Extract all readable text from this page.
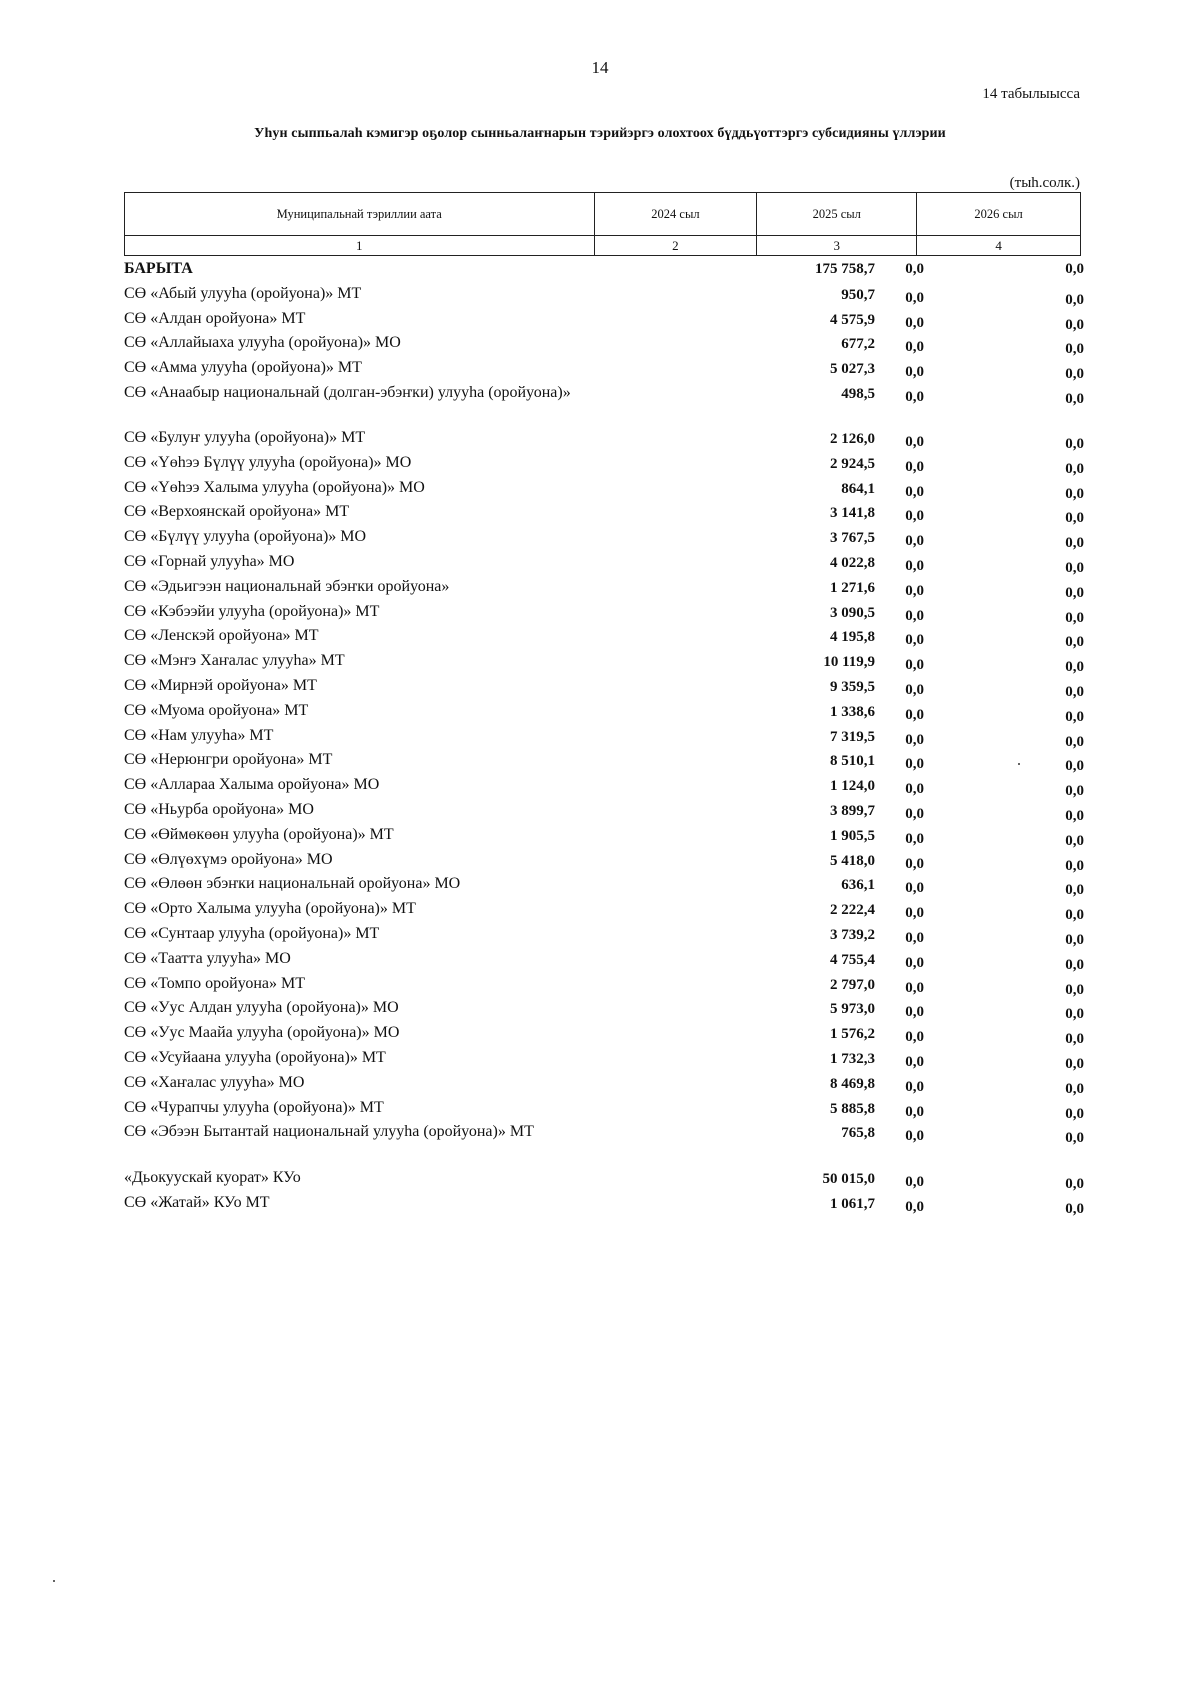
14
14 табылыысса
Уhун сыппьалаһ кэмигэр оҕолор сынньалаҥнарын тэрийэргэ олохтоох бүддьүоттэргэ субсидияны үллэрии
(тыh.солк.)
Муниципальнай тэриллии аата	2024 сыл	2025 сыл	2026 сыл
1	2	3	4
БАРЫТА	175 758,7 0,0	0,0
СӨ «Абый улууhа (оройуона)» МТ	950,7 0,0	0,0
СӨ «Алдан оройуона» МТ	4 575,9 0,0	0,0
СӨ «Аллайыаха улууhа (оройуона)» МО	677,2 0,0	0,0
СӨ «Амма улууhа (оройуона)» МТ	5 027,3 0,0	0,0
СӨ «Анаабыр национальнай (долган-эбэҥки) улууhа (оройуона)»	498,5 0,0	0,0
СӨ «Булуҥ улууhа (оройуона)» МТ	2 126,0 0,0	0,0
СӨ «Үөhээ Бүлүү улууhа (оройуона)» МО	2 924,5 0,0	0,0
СӨ «Үөhээ Халыма улууhа (оройуона)» МО	864,1 0,0	0,0
СӨ «Верхоянскай оройуона» МТ	3 141,8 0,0	0,0
СӨ «Бүлүү улууhа (оройуона)» МО	3 767,5 0,0	0,0
СӨ «Горнай улууhа» МО	4 022,8 0,0	0,0
СӨ «Эдьигээн национальнай эбэҥки оройуона»	1 271,6 0,0	0,0
СӨ «Кэбээйи улууhа (оройуона)» МТ	3 090,5 0,0	0,0
СӨ «Ленскэй оройуона» МТ	4 195,8 0,0	0,0
СӨ «Мэҥэ Хаҥалас улууhа» МТ	10 119,9 0,0	0,0
СӨ «Мирнэй оройуона» МТ	9 359,5 0,0	0,0
СӨ «Муома оройуона» МТ	1 338,6 0,0	0,0
СӨ «Нам улууhа» МТ	7 319,5 0,0	0,0
СӨ «Нерюнгри оройуона» МТ	8 510,1 0,0	0,0
СӨ «Аллараа Халыма оройуона» МО	1 124,0 0,0	0,0
СӨ «Ньурба оройуона» МО	3 899,7 0,0	0,0
СӨ «Өймөкөөн улууhа (оройуона)» МТ	1 905,5 0,0	0,0
СӨ «Өлүөхүмэ оройуона» МО	5 418,0 0,0	0,0
СӨ «Өлөөн эбэҥки национальнай оройуона» МО	636,1 0,0	0,0
СӨ «Орто Халыма улууhа (оройуона)» МТ	2 222,4 0,0	0,0
СӨ «Сунтаар улууhа (оройуона)» МТ	3 739,2 0,0	0,0
СӨ «Таатта улууhа» МО	4 755,4 0,0	0,0
СӨ «Томпо оройуона» МТ	2 797,0 0,0	0,0
СӨ «Уус Алдан улууhа (оройуона)» МО	5 973,0 0,0	0,0
СӨ «Уус Маайа улууhа (оройуона)» МО	1 576,2 0,0	0,0
СӨ «Усуйаана улууhа (оройуона)» МТ	1 732,3 0,0	0,0
СӨ «Хаҥалас улууhа» МО	8 469,8 0,0	0,0
СӨ «Чурапчы улууhа (оройуона)» МТ	5 885,8 0,0	0,0
СӨ «Эбээн Бытантай национальнай улууhа (оройуона)» МТ	765,8 0,0	0,0
«Дьокуускай куорат» КУо	50 015,0 0,0	0,0
СӨ «Жатай» КУо МТ	1 061,7 0,0	0,0
